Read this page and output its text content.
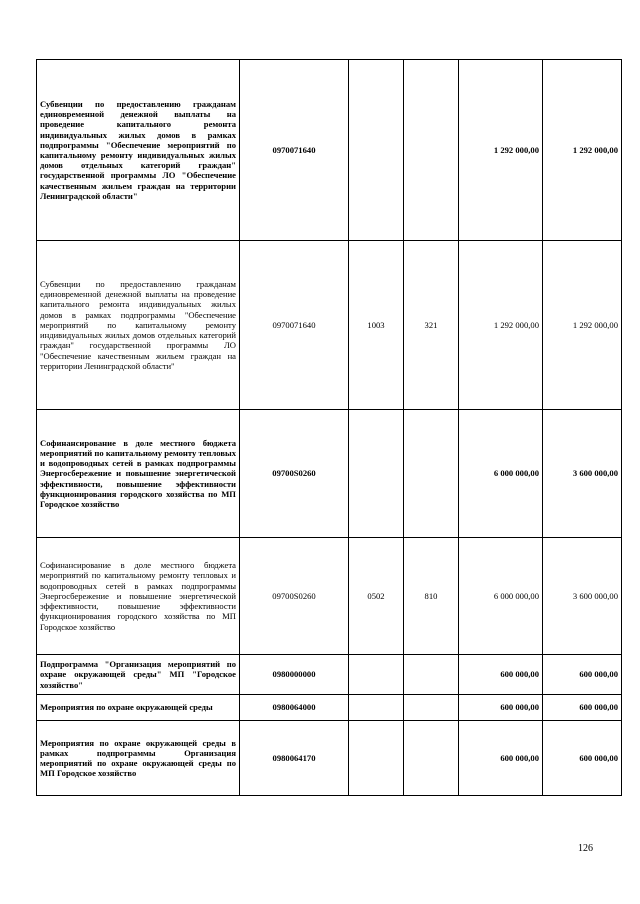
Субвенции по предоставлению гражданам единовременной денежной выплаты на проведение капитального ремонта индивидуальных жилых домов в рамках подпрограммы "Обеспечение мероприятий по капитальному ремонту индивидуальных жилых домов отдельных категорий граждан" государственной программы ЛО "Обеспечение качественным жильем граждан на территории Ленинградской области"	0970071640			1 292 000,00	1 292 000,00
Субвенции по предоставлению гражданам единовременной денежной выплаты на проведение капитального ремонта индивидуальных жилых домов в рамках подпрограммы "Обеспечение мероприятий по капитальному ремонту индивидуальных жилых домов отдельных категорий граждан" государственной программы ЛО "Обеспечение качественным жильем граждан на территории Ленинградской области"	0970071640	1003	321	1 292 000,00	1 292 000,00
Софинансирование в доле местного бюджета мероприятий по капитальному ремонту тепловых и водопроводных сетей в рамках подпрограммы Энергосбережение и повышение энергетической эффективности, повышение эффективности функционирования городского хозяйства по МП Городское хозяйство	09700S0260			6 000 000,00	3 600 000,00
Софинансирование в доле местного бюджета мероприятий по капитальному ремонту тепловых и водопроводных сетей в рамках подпрограммы Энергосбережение и повышение энергетической эффективности, повышение эффективности функционирования городского хозяйства по МП Городское хозяйство	09700S0260	0502	810	6 000 000,00	3 600 000,00
Подпрограмма "Организация мероприятий по охране окружающей среды" МП "Городское хозяйство"	0980000000			600 000,00	600 000,00
Мероприятия по охране окружающей среды	0980064000			600 000,00	600 000,00
Мероприятия по охране окружающей среды в рамках подпрограммы Организация мероприятий по охране окружающей среды по МП Городское хозяйство	0980064170			600 000,00	600 000,00
126
